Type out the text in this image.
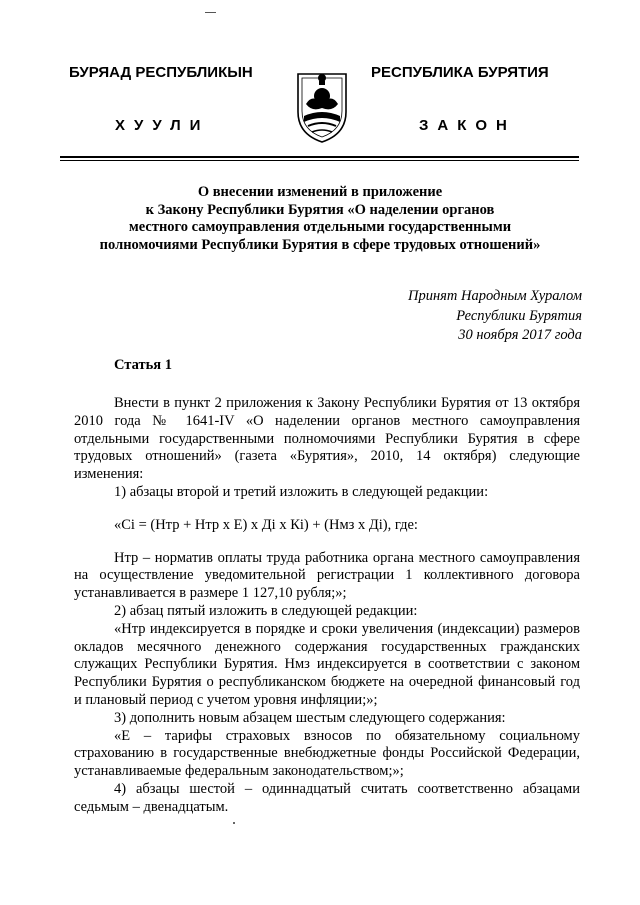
БУРЯАД РЕСПУБЛИКЫН	РЕСПУБЛИКА БУРЯТИЯ
ХУУЛИ	ЗАКОН
О внесении изменений в приложение
к Закону Республики Бурятия «О наделении органов
местного самоуправления отдельными государственными
полномочиями Республики Бурятия в сфере трудовых отношений»
Принят Народным Хуралом
Республики Бурятия
30 ноября 2017 года
Статья 1

Внести в пункт 2 приложения к Закону Республики Бурятия от 13 октября 2010 года № 1641-IV «О наделении органов местного самоуправления отдельными государственными полномочиями Республики Бурятия в сфере трудовых отношений» (газета «Бурятия», 2010, 14 октября) следующие изменения:

1) абзацы второй и третий изложить в следующей редакции:

«Ci = (Нтр + Нтр x E) x Дi x Кi) + (Нмз x Дi), где:

Нтр – норматив оплаты труда работника органа местного самоуправления на осуществление уведомительной регистрации 1 коллективного договора устанавливается в размере 1 127,10 рубля;»;

2) абзац пятый изложить в следующей редакции:

«Нтр индексируется в порядке и сроки увеличения (индексации) размеров окладов месячного денежного содержания государственных гражданских служащих Республики Бурятия. Нмз индексируется в соответствии с законом Республики Бурятия о республиканском бюджете на очередной финансовый год и плановый период с учетом уровня инфляции;»;

3) дополнить новым абзацем шестым следующего содержания:

«Е – тарифы страховых взносов по обязательному социальному страхованию в государственные внебюджетные фонды Российской Федерации, устанавливаемые федеральным законодательством;»;

4) абзацы шестой – одиннадцатый считать соответственно абзацами седьмым – двенадцатым.
